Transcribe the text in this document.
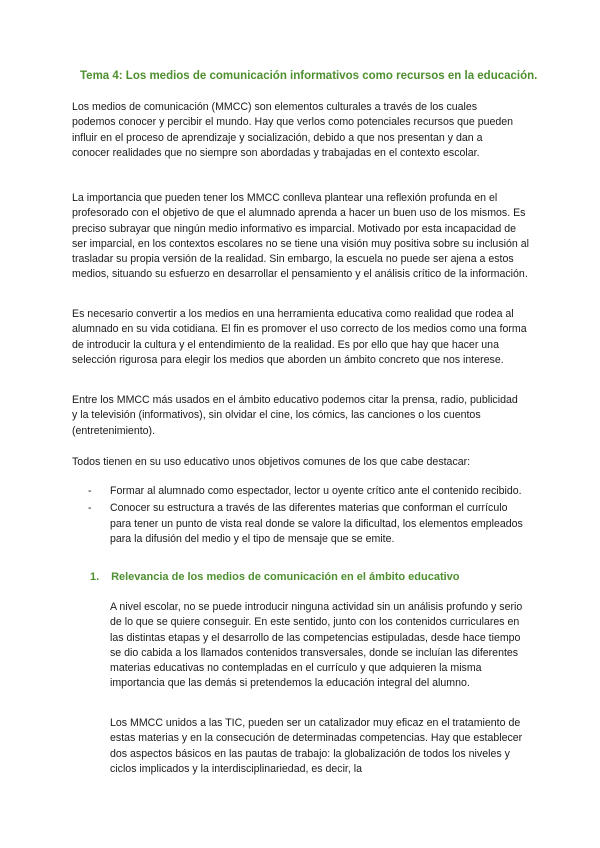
Tema 4: Los medios de comunicación informativos como recursos en la educación.

Los medios de comunicación (MMCC) son elementos culturales a través de los cuales podemos conocer y percibir el mundo. Hay que verlos como potenciales recursos que pueden influir en el proceso de aprendizaje y socialización, debido a que nos presentan y dan a conocer realidades que no siempre son abordadas y trabajadas en el contexto escolar.

La importancia que pueden tener los MMCC conlleva plantear una reflexión profunda en el profesorado con el objetivo de que el alumnado aprenda a hacer un buen uso de los mismos. Es preciso subrayar que ningún medio informativo es imparcial. Motivado por esta incapacidad de ser imparcial, en los contextos escolares no se tiene una visión muy positiva sobre su inclusión al trasladar su propia versión de la realidad. Sin embargo, la escuela no puede ser ajena a estos medios, situando su esfuerzo en desarrollar el pensamiento y el análisis crítico de la información.

Es necesario convertir a los medios en una herramienta educativa como realidad que rodea al alumnado en su vida cotidiana. El fin es promover el uso correcto de los medios como una forma de introducir la cultura y el entendimiento de la realidad. Es por ello que hay que hacer una selección rigurosa para elegir los medios que aborden un ámbito concreto que nos interese.

Entre los MMCC más usados en el ámbito educativo podemos citar la prensa, radio, publicidad y la televisión (informativos), sin olvidar el cine, los cómics, las canciones o los cuentos (entretenimiento).

Todos tienen en su uso educativo unos objetivos comunes de los que cabe destacar:

- Formar al alumnado como espectador, lector u oyente crítico ante el contenido recibido.
- Conocer su estructura a través de las diferentes materias que conforman el currículo para tener un punto de vista real donde se valore la dificultad, los elementos empleados para la difusión del medio y el tipo de mensaje que se emite.
1. Relevancia de los medios de comunicación en el ámbito educativo

A nivel escolar, no se puede introducir ninguna actividad sin un análisis profundo y serio de lo que se quiere conseguir. En este sentido, junto con los contenidos curriculares en las distintas etapas y el desarrollo de las competencias estipuladas, desde hace tiempo se dio cabida a los llamados contenidos transversales, donde se incluían las diferentes materias educativas no contempladas en el currículo y que adquieren la misma importancia que las demás si pretendemos la educación integral del alumno.

Los MMCC unidos a las TIC, pueden ser un catalizador muy eficaz en el tratamiento de estas materias y en la consecución de determinadas competencias. Hay que establecer dos aspectos básicos en las pautas de trabajo: la globalización de todos los niveles y ciclos implicados y la interdisciplinariedad, es decir, la
